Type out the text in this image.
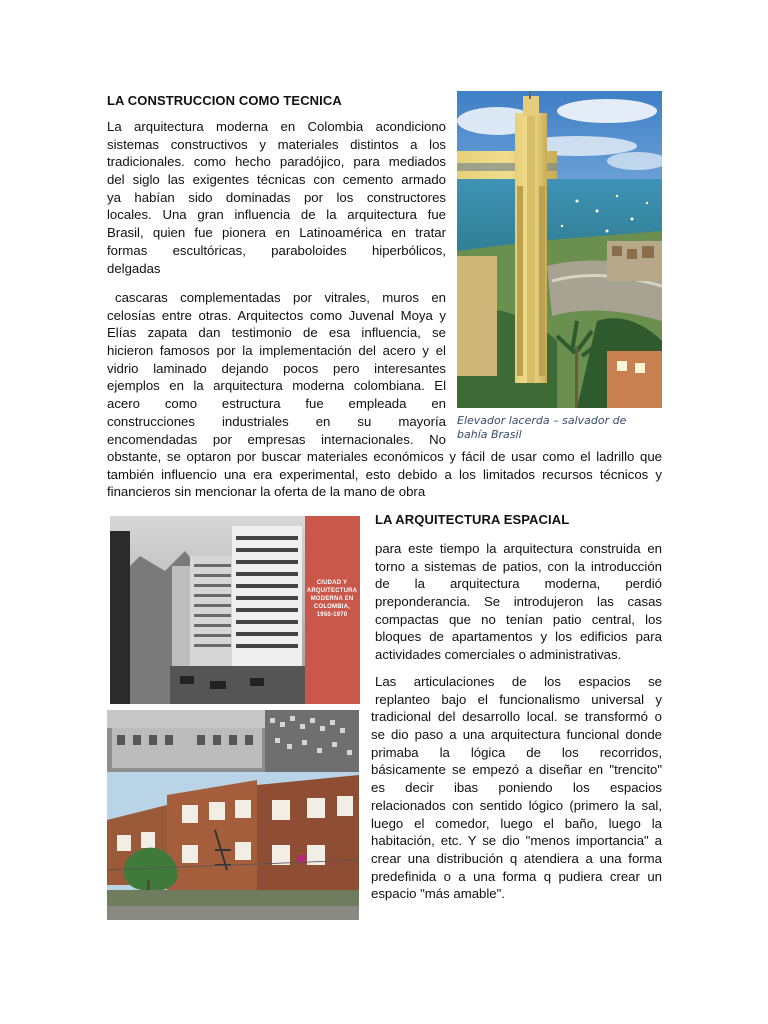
LA CONSTRUCCION COMO TECNICA
La arquitectura moderna en Colombia acondiciono
sistemas constructivos y materiales distintos a los
tradicionales. como hecho paradójico, para mediados
del siglo las exigentes técnicas con cemento armado
ya habían sido dominadas por los constructores
locales. Una gran influencia de la arquitectura fue
Brasil, quien fue pionera en Latinoamérica en tratar
formas escultóricas, paraboloides hiperbólicos,
delgadas
cascaras complementadas por vitrales, muros en
celosías entre otras. Arquitectos como Juvenal Moya y
Elías zapata dan testimonio de esa influencia, se
hicieron famosos por la implementación del acero y el
vidrio laminado dejando pocos pero interesantes
ejemplos en la arquitectura moderna colombiana. El
acero como estructura fue empleada en
construcciones industriales en su mayoría
encomendadas por empresas internacionales. No
obstante, se optaron por buscar materiales económicos y fácil de usar como el ladrillo que
también influencio una era experimental, esto debido a los limitados recursos técnicos y
financieros sin mencionar la oferta de la mano de obra
Elevador lacerda – salvador de
bahía Brasil
CIUDAD Y
ARQUITECTURA
MODERNA EN
COLOMBIA,
1950-1970
LA ARQUITECTURA ESPACIAL
para este tiempo la arquitectura construida en
torno a sistemas de patios, con la introducción
de la arquitectura moderna, perdió
preponderancia. Se introdujeron las casas
compactas que no tenían patio central, los
bloques de apartamentos y los edificios para
actividades comerciales o administrativas.
Las articulaciones de los espacios se
replanteo bajo el funcionalismo universal y
tradicional del desarrollo local. se transformó o
se dio paso a una arquitectura funcional donde
primaba la lógica de los recorridos,
básicamente se empezó a diseñar en "trencito"
es decir ibas poniendo los espacios
relacionados con sentido lógico (primero la sal,
luego el comedor, luego el baño, luego la
habitación, etc. Y se dio "menos importancia" a
crear una distribución q atendiera a una forma
predefinida o a una forma q pudiera crear un
espacio "más amable".
